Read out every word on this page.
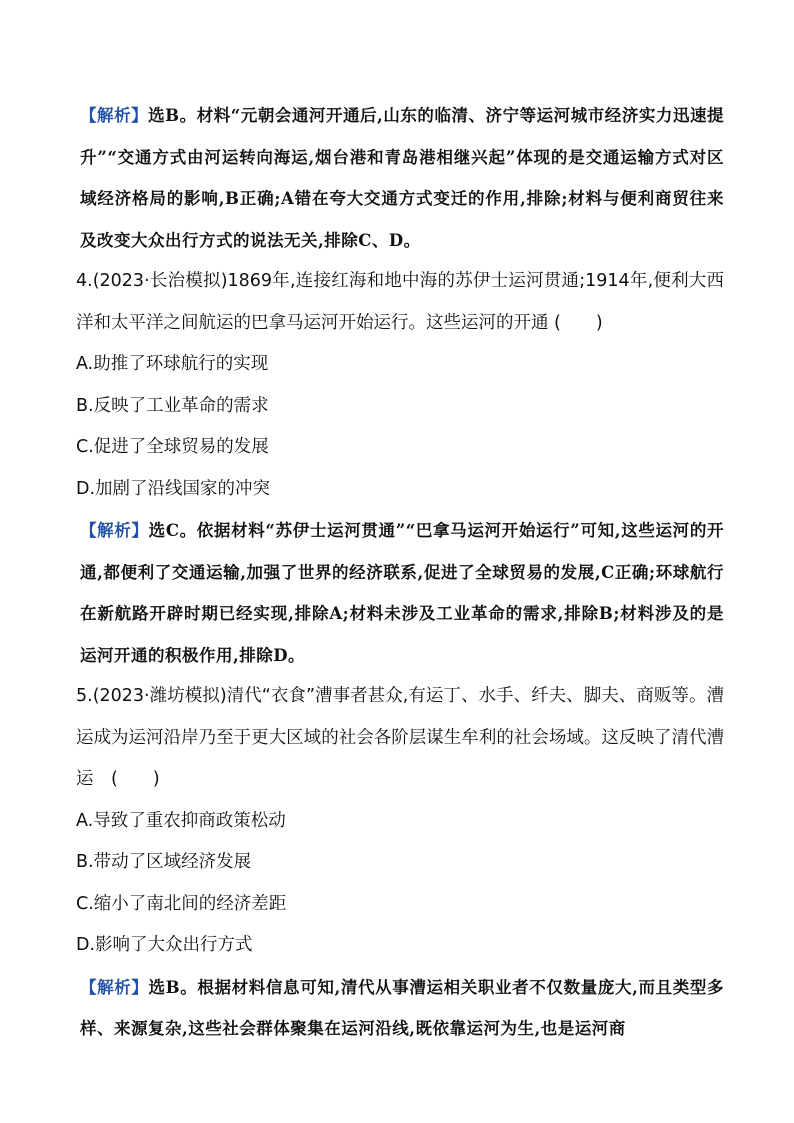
【解析】选B。材料“元朝会通河开通后,山东的临清、济宁等运河城市经济实力迅速提升”“交通方式由河运转向海运,烟台港和青岛港相继兴起”体现的是交通运输方式对区域经济格局的影响,B正确;A错在夸大交通方式变迁的作用,排除;材料与便利商贸往来及改变大众出行方式的说法无关,排除C、D。

4.(2023·长治模拟)1869年,连接红海和地中海的苏伊士运河贯通;1914年,便利大西洋和太平洋之间航运的巴拿马运河开始运行。这些运河的开通 (　　)

A.助推了环球航行的实现

B.反映了工业革命的需求

C.促进了全球贸易的发展

D.加剧了沿线国家的冲突

【解析】选C。依据材料“苏伊士运河贯通”“巴拿马运河开始运行”可知,这些运河的开通,都便利了交通运输,加强了世界的经济联系,促进了全球贸易的发展,C正确;环球航行在新航路开辟时期已经实现,排除A;材料未涉及工业革命的需求,排除B;材料涉及的是运河开通的积极作用,排除D。

5.(2023·潍坊模拟)清代“衣食”漕事者甚众,有运丁、水手、纤夫、脚夫、商贩等。漕运成为运河沿岸乃至于更大区域的社会各阶层谋生牟利的社会场域。这反映了清代漕运　(　　)

A.导致了重农抑商政策松动

B.带动了区域经济发展

C.缩小了南北间的经济差距

D.影响了大众出行方式

【解析】选B。根据材料信息可知,清代从事漕运相关职业者不仅数量庞大,而且类型多样、来源复杂,这些社会群体聚集在运河沿线,既依靠运河为生,也是运河商
